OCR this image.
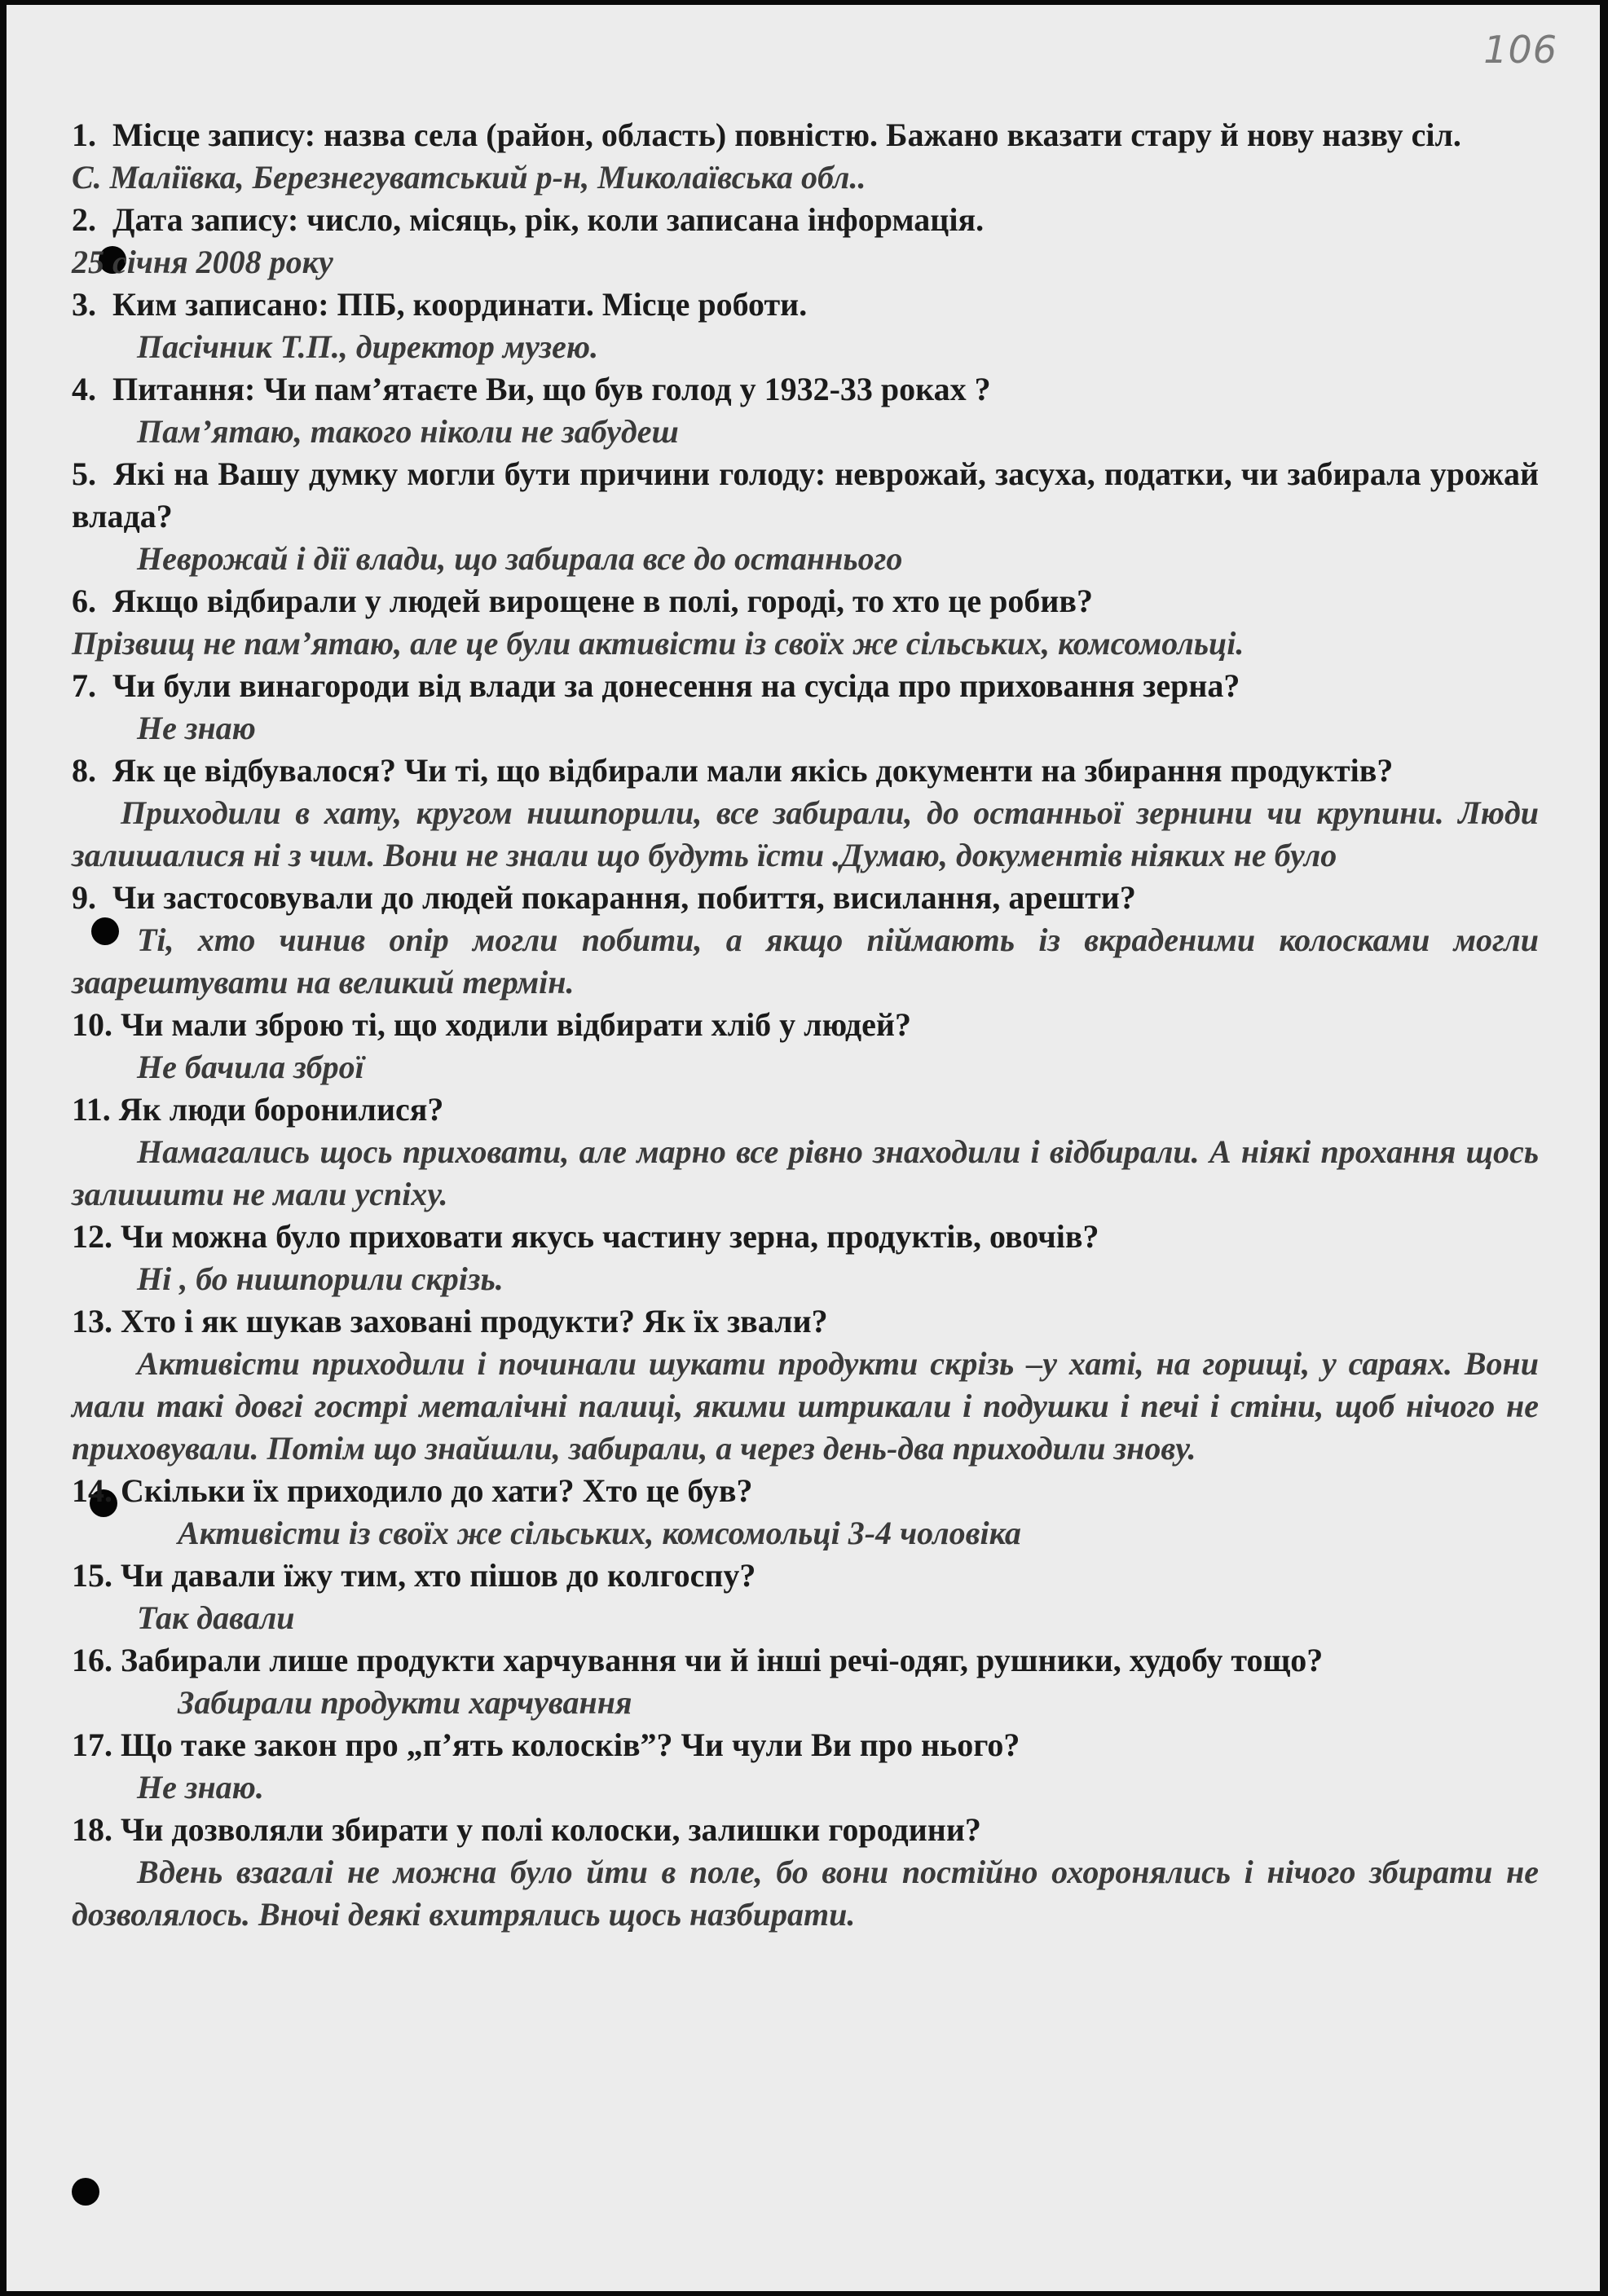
106

1. Місце запису: назва села (район, область) повністю. Бажано вказати стару й нову назву сіл.

С. Маліївка, Березнегуватський р-н, Миколаївська обл..

2. Дата запису: число, місяць, рік, коли записана інформація.

25 січня 2008 року

3. Ким записано: ПІБ, координати. Місце роботи.

Пасічник Т.П., директор музею.

4. Питання: Чи пам’ятаєте Ви, що був голод у 1932-33 роках ?

Пам’ятаю, такого ніколи не забудеш

5. Які на Вашу думку могли бути причини голоду: неврожай, засуха, податки, чи забирала урожай влада?

Неврожай і дії влади, що забирала все до останнього

6. Якщо відбирали у людей вирощене в полі, городі, то хто це робив?

Прізвищ не пам’ятаю, але це були активісти із своїх же сільських, комсомольці.

7. Чи були винагороди від влади за донесення на сусіда про приховання зерна?

Не знаю

8. Як це відбувалося? Чи ті, що відбирали мали якісь документи на збирання продуктів?

Приходили в хату, кругом нишпорили, все забирали, до останньої зернини чи крупини. Люди залишалися ні з чим. Вони не знали що будуть їсти .Думаю, документів ніяких не було

9. Чи застосовували до людей покарання, побиття, висилання, арешти?

Ті, хто чинив опір могли побити, а якщо піймають із вкраденими колосками могли заарештувати на великий термін.

10. Чи мали зброю ті, що ходили відбирати хліб у людей?

Не бачила зброї

11. Як люди боронилися?

Намагались щось приховати, але марно все рівно знаходили і відбирали. А ніякі прохання щось залишити не мали успіху.

12. Чи можна було приховати якусь частину зерна, продуктів, овочів?

Ні , бо нишпорили скрізь.

13. Хто і як шукав заховані продукти? Як їх звали?

Активісти приходили і починали шукати продукти скрізь –у хаті, на горищі, у сараях. Вони мали такі довгі гострі металічні палиці, якими штрикали і подушки і печі і стіни, щоб нічого не приховували. Потім що знайшли, забирали, а через день-два приходили знову.

14. Скільки їх приходило до хати? Хто це був?

Активісти із своїх же сільських, комсомольці 3-4 чоловіка

15. Чи давали їжу тим, хто пішов до колгоспу?

Так давали

16. Забирали лише продукти харчування чи й інші речі-одяг, рушники, худобу тощо?

Забирали продукти харчування

17. Що таке закон про „п’ять колосків”? Чи чули Ви про нього?

Не знаю.

18. Чи дозволяли збирати у полі колоски, залишки городини?

Вдень взагалі не можна було йти в поле, бо вони постійно охоронялись і нічого збирати не дозволялось. Вночі деякі вхитрялись щось назбирати.
